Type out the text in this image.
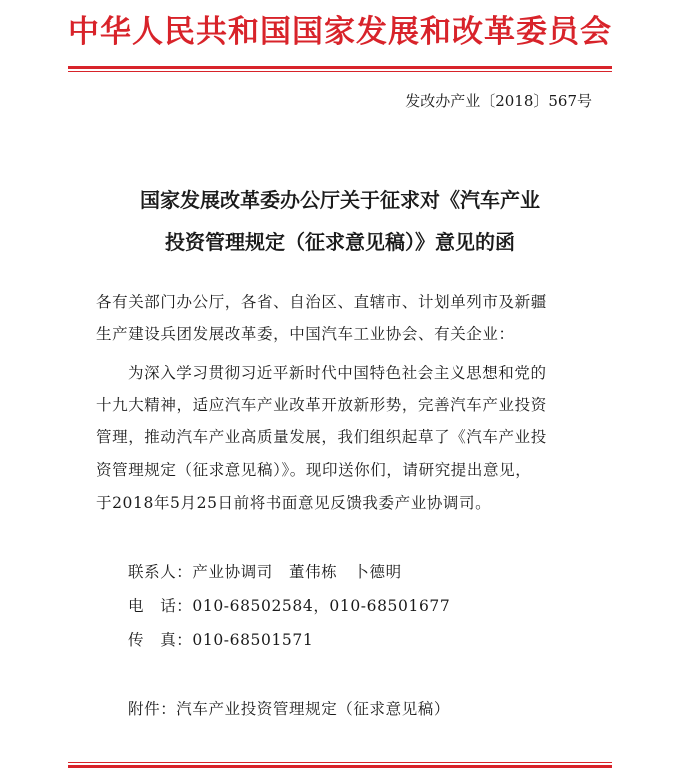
中华人民共和国国家发展和改革委员会
发改办产业〔2018〕567号
国家发展改革委办公厅关于征求对《汽车产业
投资管理规定（征求意见稿）》意见的函
各有关部门办公厅，各省、自治区、直辖市、计划单列市及新疆
生产建设兵团发展改革委，中国汽车工业协会、有关企业：
为深入学习贯彻习近平新时代中国特色社会主义思想和党的
十九大精神，适应汽车产业改革开放新形势，完善汽车产业投资
管理，推动汽车产业高质量发展，我们组织起草了《汽车产业投
资管理规定（征求意见稿）》。现印送你们，请研究提出意见，
于2018年5月25日前将书面意见反馈我委产业协调司。
联系人：产业协调司　董伟栋　卜德明
电　话：010-68502584，010-68501677
传　真：010-68501571
附件：汽车产业投资管理规定（征求意见稿）
